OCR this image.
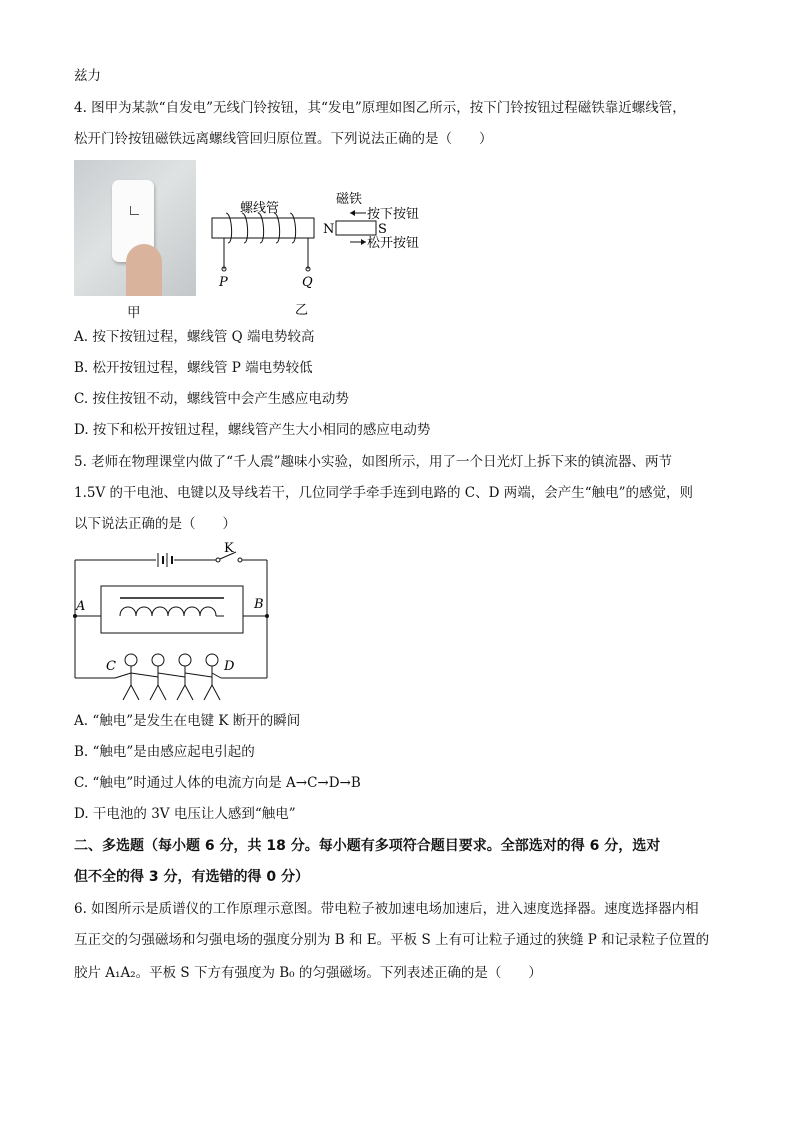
兹力
4. 图甲为某款“自发电”无线门铃按钮，其“发电”原理如图乙所示，按下门铃按钮过程磁铁靠近螺线管，
松开门铃按钮磁铁远离螺线管回归原位置。下列说法正确的是（　　）
甲
P	Q
螺线管
N	S
磁铁
按下按钮
松开按钮
乙
A. 按下按钮过程，螺线管 Q 端电势较高
B. 松开按钮过程，螺线管 P 端电势较低
C. 按住按钮不动，螺线管中会产生感应电动势
D. 按下和松开按钮过程，螺线管产生大小相同的感应电动势
5. 老师在物理课堂内做了“千人震”趣味小实验，如图所示，用了一个日光灯上拆下来的镇流器、两节
1.5V 的干电池、电键以及导线若干，几位同学手牵手连到电路的 C、D 两端，会产生“触电”的感觉，则
以下说法正确的是（　　）
K
A	B
C	D
A. “触电”是发生在电键 K 断开的瞬间
B. “触电”是由感应起电引起的
C. “触电”时通过人体的电流方向是 A→C→D→B
D. 干电池的 3V 电压让人感到“触电”
二、多选题（每小题 6 分，共 18 分。每小题有多项符合题目要求。全部选对的得 6 分，选对
但不全的得 3 分，有选错的得 0 分）
6. 如图所示是质谱仪的工作原理示意图。带电粒子被加速电场加速后，进入速度选择器。速度选择器内相
互正交的匀强磁场和匀强电场的强度分别为 B 和 E。平板 S 上有可让粒子通过的狭缝 P 和记录粒子位置的
胶片 A₁A₂。平板 S 下方有强度为 B₀ 的匀强磁场。下列表述正确的是（　　）
